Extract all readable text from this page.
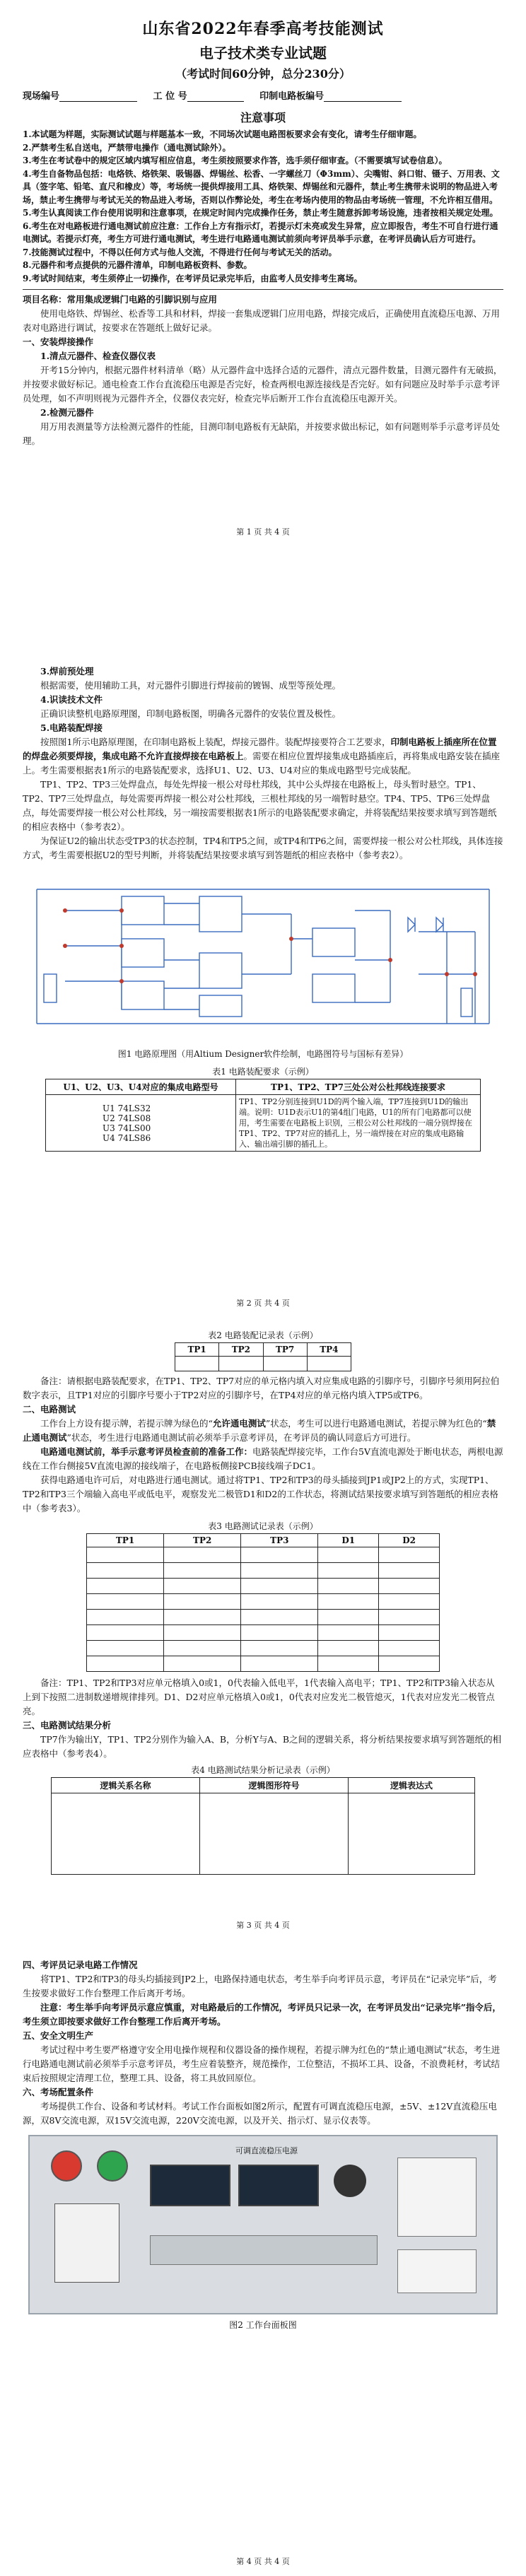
山东省2022年春季高考技能测试
电子技术类专业试题
（考试时间60分钟，总分230分）
现场编号	工 位 号	印制电路板编号
注意事项

1.本试题为样题，实际测试试题与样题基本一致，不同场次试题电路图板要求会有变化，请考生仔细审题。

2.严禁考生私自送电，严禁带电操作（通电测试除外）。

3.考生在考试卷中的规定区域内填写相应信息，考生须按照要求作答，选手须仔细审查。（不需要填写试卷信息）。

4.考生自备物品包括：电烙铁、烙铁架、吸锡器、焊锡丝、松香、一字螺丝刀（Φ3mm）、尖嘴钳、斜口钳、镊子、万用表、文具（签字笔、铅笔、直尺和橡皮）等，考场统一提供焊接用工具、烙铁架、焊锡丝和元器件，禁止考生携带未说明的物品进入考场，禁止考生携带与考试无关的物品进入考场，否则以作弊论处，考生在考场内使用的物品由考场统一管理，不允许相互借用。

5.考生认真阅读工作台使用说明和注意事项，在规定时间内完成操作任务，禁止考生随意拆卸考场设施，违者按相关规定处理。

6.考生在对电路板进行通电测试前应注意：工作台上方有指示灯，若提示灯未亮或发生异常，应立即报告，考生不可自行进行通电测试。若提示灯亮，考生方可进行通电测试，考生进行电路通电测试前须向考评员举手示意，在考评员确认后方可进行。

7.技能测试过程中，不得以任何方式与他人交流，不得进行任何与考试无关的活动。

8.元器件和考点提供的元器件清单，印制电路板资料、参数。

9.考试时间结束，考生须停止一切操作，在考评员记录完毕后，由监考人员安排考生离场。

项目名称：常用集成逻辑门电路的引脚识别与应用

使用电烙铁、焊锡丝、松香等工具和材料，焊接一套集成逻辑门应用电路，焊接完成后，正确使用直流稳压电源、万用表对电路进行调试，按要求在答题纸上做好记录。

一、安装焊接操作

1.清点元器件、检查仪器仪表

开考15分钟内，根据元器件材料清单（略）从元器件盒中选择合适的元器件，清点元器件数量，目测元器件有无破损，并按要求做好标记。通电检查工作台直流稳压电源是否完好，检查两根电源连接线是否完好。如有问题应及时举手示意考评员处理，如不声明则视为元器件齐全，仪器仪表完好，检查完毕后断开工作台直流稳压电源开关。

2.检测元器件

用万用表测量等方法检测元器件的性能，目测印制电路板有无缺陷，并按要求做出标记，如有问题则举手示意考评员处理。

第 1 页 共 4 页

3.焊前预处理

根据需要，使用辅助工具，对元器件引脚进行焊接前的镀锡、成型等预处理。

4.识读技术文件

正确识读整机电路原理图，印制电路板图，明确各元器件的安装位置及极性。

5.电路装配焊接

按照图1所示电路原理图，在印制电路板上装配，焊接元器件。装配焊接要符合工艺要求，印制电路板上插座所在位置的焊盘必须要焊接，集成电路不允许直接焊接在电路板上。需要在相应位置焊接集成电路插座后，再将集成电路安装在插座上。考生需要根据表1所示的电路装配要求，选择U1、U2、U3、U4对应的集成电路型号完成装配。

TP1、TP2、TP3三处焊盘点，每处先焊接一根公对母杜邦线，其中公头焊接在电路板上，母头暂时悬空。TP1、TP2、TP7三处焊盘点，每处需要再焊接一根公对公杜邦线，三根杜邦线的另一端暂时悬空。TP4、TP5、TP6三处焊盘点，每处需要焊接一根公对公杜邦线，另一端按需要根据表1所示的电路装配要求确定，并将装配结果按要求填写到答题纸的相应表格中（参考表2）。

为保证U2的输出状态受TP3的状态控制，TP4和TP5之间，或TP4和TP6之间，需要焊接一根公对公杜邦线，具体连接方式，考生需要根据U2的型号判断，并将装配结果按要求填写到答题纸的相应表格中（参考表2）。

图1 电路原理图（用Altium Designer软件绘制，电路图符号与国标有差异）
表1 电路装配要求（示例）
U1、U2、U3、U4对应的集成电路型号	TP1、TP2、TP7三处公对公杜邦线连接要求

U1 74LS32
U2 74LS08
U3 74LS00
U4 74LS86	TP1、TP2分别连接到U1D的两个输入端，TP7连接到U1D的输出端。说明：U1D表示U1的第4组门电路，U1的所有门电路都可以使用，考生需要在电路板上识别，三根公对公杜邦线的一端分别焊接在TP1、TP2、TP7对应的插孔上，另一端焊接在对应的集成电路输入、输出端引脚的插孔上。
第 2 页 共 4 页
表2 电路装配记录表（示例）
TP1	TP2	TP7	TP4

备注：请根据电路装配要求，在TP1、TP2、TP7对应的单元格内填入对应集成电路的引脚序号，引脚序号须用阿拉伯数字表示，且TP1对应的引脚序号要小于TP2对应的引脚序号，在TP4对应的单元格内填入TP5或TP6。

二、电路测试

工作台上方设有提示牌，若提示牌为绿色的“允许通电测试”状态，考生可以进行电路通电测试，若提示牌为红色的“禁止通电测试”状态，考生进行电路通电测试前必须举手示意考评员，在考评员的确认同意后方可进行。

电路通电测试前，举手示意考评员检查前的准备工作：电路装配焊接完毕，工作台5V直流电源处于断电状态，两根电源线在工作台侧接5V直流电源的接线端子，在电路板侧接PCB接线端子DC1。

获得电路通电许可后，对电路进行通电测试。通过将TP1、TP2和TP3的母头插接到JP1或JP2上的方式，实现TP1、TP2和TP3三个端输入高电平或低电平，观察发光二极管D1和D2的工作状态，将测试结果按要求填写到答题纸的相应表格中（参考表3）。

表3 电路测试记录表（示例）
TP1	TP2	TP3	D1	D2

备注：TP1、TP2和TP3对应单元格填入0或1，0代表输入低电平，1代表输入高电平；TP1、TP2和TP3输入状态从上到下按照二进制数递增规律排列。D1、D2对应单元格填入0或1，0代表对应发光二极管熄灭，1代表对应发光二极管点亮。

三、电路测试结果分析

TP7作为输出Y，TP1、TP2分别作为输入A、B，分析Y与A、B之间的逻辑关系，将分析结果按要求填写到答题纸的相应表格中（参考表4）。

表4 电路测试结果分析记录表（示例）
逻辑关系名称	逻辑图形符号	逻辑表达式

第 3 页 共 4 页

四、考评员记录电路工作情况

将TP1、TP2和TP3的母头均插接到JP2上，电路保持通电状态，考生举手向考评员示意，考评员在“记录完毕”后，考生按要求做好工作台整理工作后离开考场。

注意：考生举手向考评员示意应慎重，对电路最后的工作情况，考评员只记录一次，在考评员发出“记录完毕”指令后，考生须立即按要求做好工作台整理工作后离开考场。

五、安全文明生产

考试过程中考生要严格遵守安全用电操作规程和仪器设备的操作规程，若提示牌为红色的“禁止通电测试”状态，考生进行电路通电测试前必须举手示意考评员，考生应着装整齐，规范操作，工位整洁，不损坏工具、设备，不浪费耗材，考试结束后按照规定清理工位，整理工具、设备，将工具放回原位。

六、考场配置条件

考场提供工作台、设备和考试材料。考试工作台面板如图2所示，配置有可调直流稳压电源，±5V、±12V直流稳压电源，双8V交流电源，双15V交流电源，220V交流电源，以及开关、指示灯、显示仪表等。

可调直流稳压电源
图2 工作台面板图
第 4 页 共 4 页
